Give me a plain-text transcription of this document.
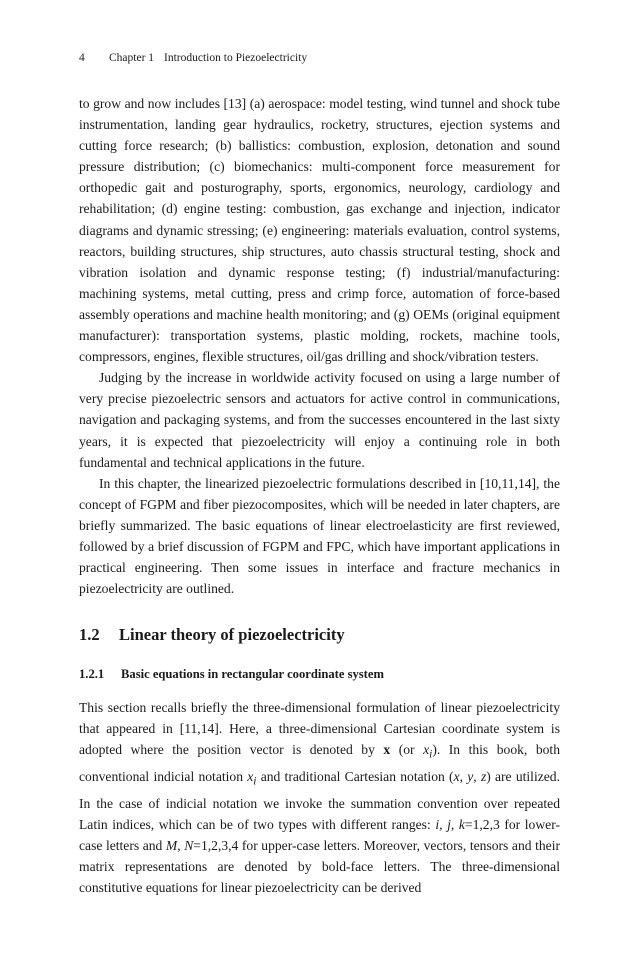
4 Chapter 1 Introduction to Piezoelectricity
to grow and now includes [13] (a) aerospace: model testing, wind tunnel and shock tube instrumentation, landing gear hydraulics, rocketry, structures, ejection systems and cutting force research; (b) ballistics: combustion, explosion, detonation and sound pressure distribution; (c) biomechanics: multi-component force measurement for orthopedic gait and posturography, sports, ergonomics, neurology, cardiology and rehabilitation; (d) engine testing: combustion, gas exchange and injection, indicator diagrams and dynamic stressing; (e) engineering: materials evaluation, control systems, reactors, building structures, ship structures, auto chassis structural testing, shock and vibration isolation and dynamic response testing; (f) industrial/manufacturing: machining systems, metal cutting, press and crimp force, automation of force-based assembly operations and machine health monitoring; and (g) OEMs (original equipment manufacturer): transportation systems, plastic molding, rockets, machine tools, compressors, engines, flexible structures, oil/gas drilling and shock/vibration testers.
Judging by the increase in worldwide activity focused on using a large number of very precise piezoelectric sensors and actuators for active control in communications, navigation and packaging systems, and from the successes encountered in the last sixty years, it is expected that piezoelectricity will enjoy a continuing role in both fundamental and technical applications in the future.
In this chapter, the linearized piezoelectric formulations described in [10,11,14], the concept of FGPM and fiber piezocomposites, which will be needed in later chapters, are briefly summarized. The basic equations of linear electroelasticity are first reviewed, followed by a brief discussion of FGPM and FPC, which have important applications in practical engineering. Then some issues in interface and fracture mechanics in piezoelectricity are outlined.
1.2 Linear theory of piezoelectricity
1.2.1 Basic equations in rectangular coordinate system
This section recalls briefly the three-dimensional formulation of linear piezoelectricity that appeared in [11,14]. Here, a three-dimensional Cartesian coordinate system is adopted where the position vector is denoted by x (or $x_i$). In this book, both conventional indicial notation $x_i$ and traditional Cartesian notation (x, y, z) are utilized. In the case of indicial notation we invoke the summation convention over repeated Latin indices, which can be of two types with different ranges: i, j, k=1,2,3 for lower-case letters and M, N=1,2,3,4 for upper-case letters. Moreover, vectors, tensors and their matrix representations are denoted by bold-face letters. The three-dimensional constitutive equations for linear piezoelectricity can be derived
